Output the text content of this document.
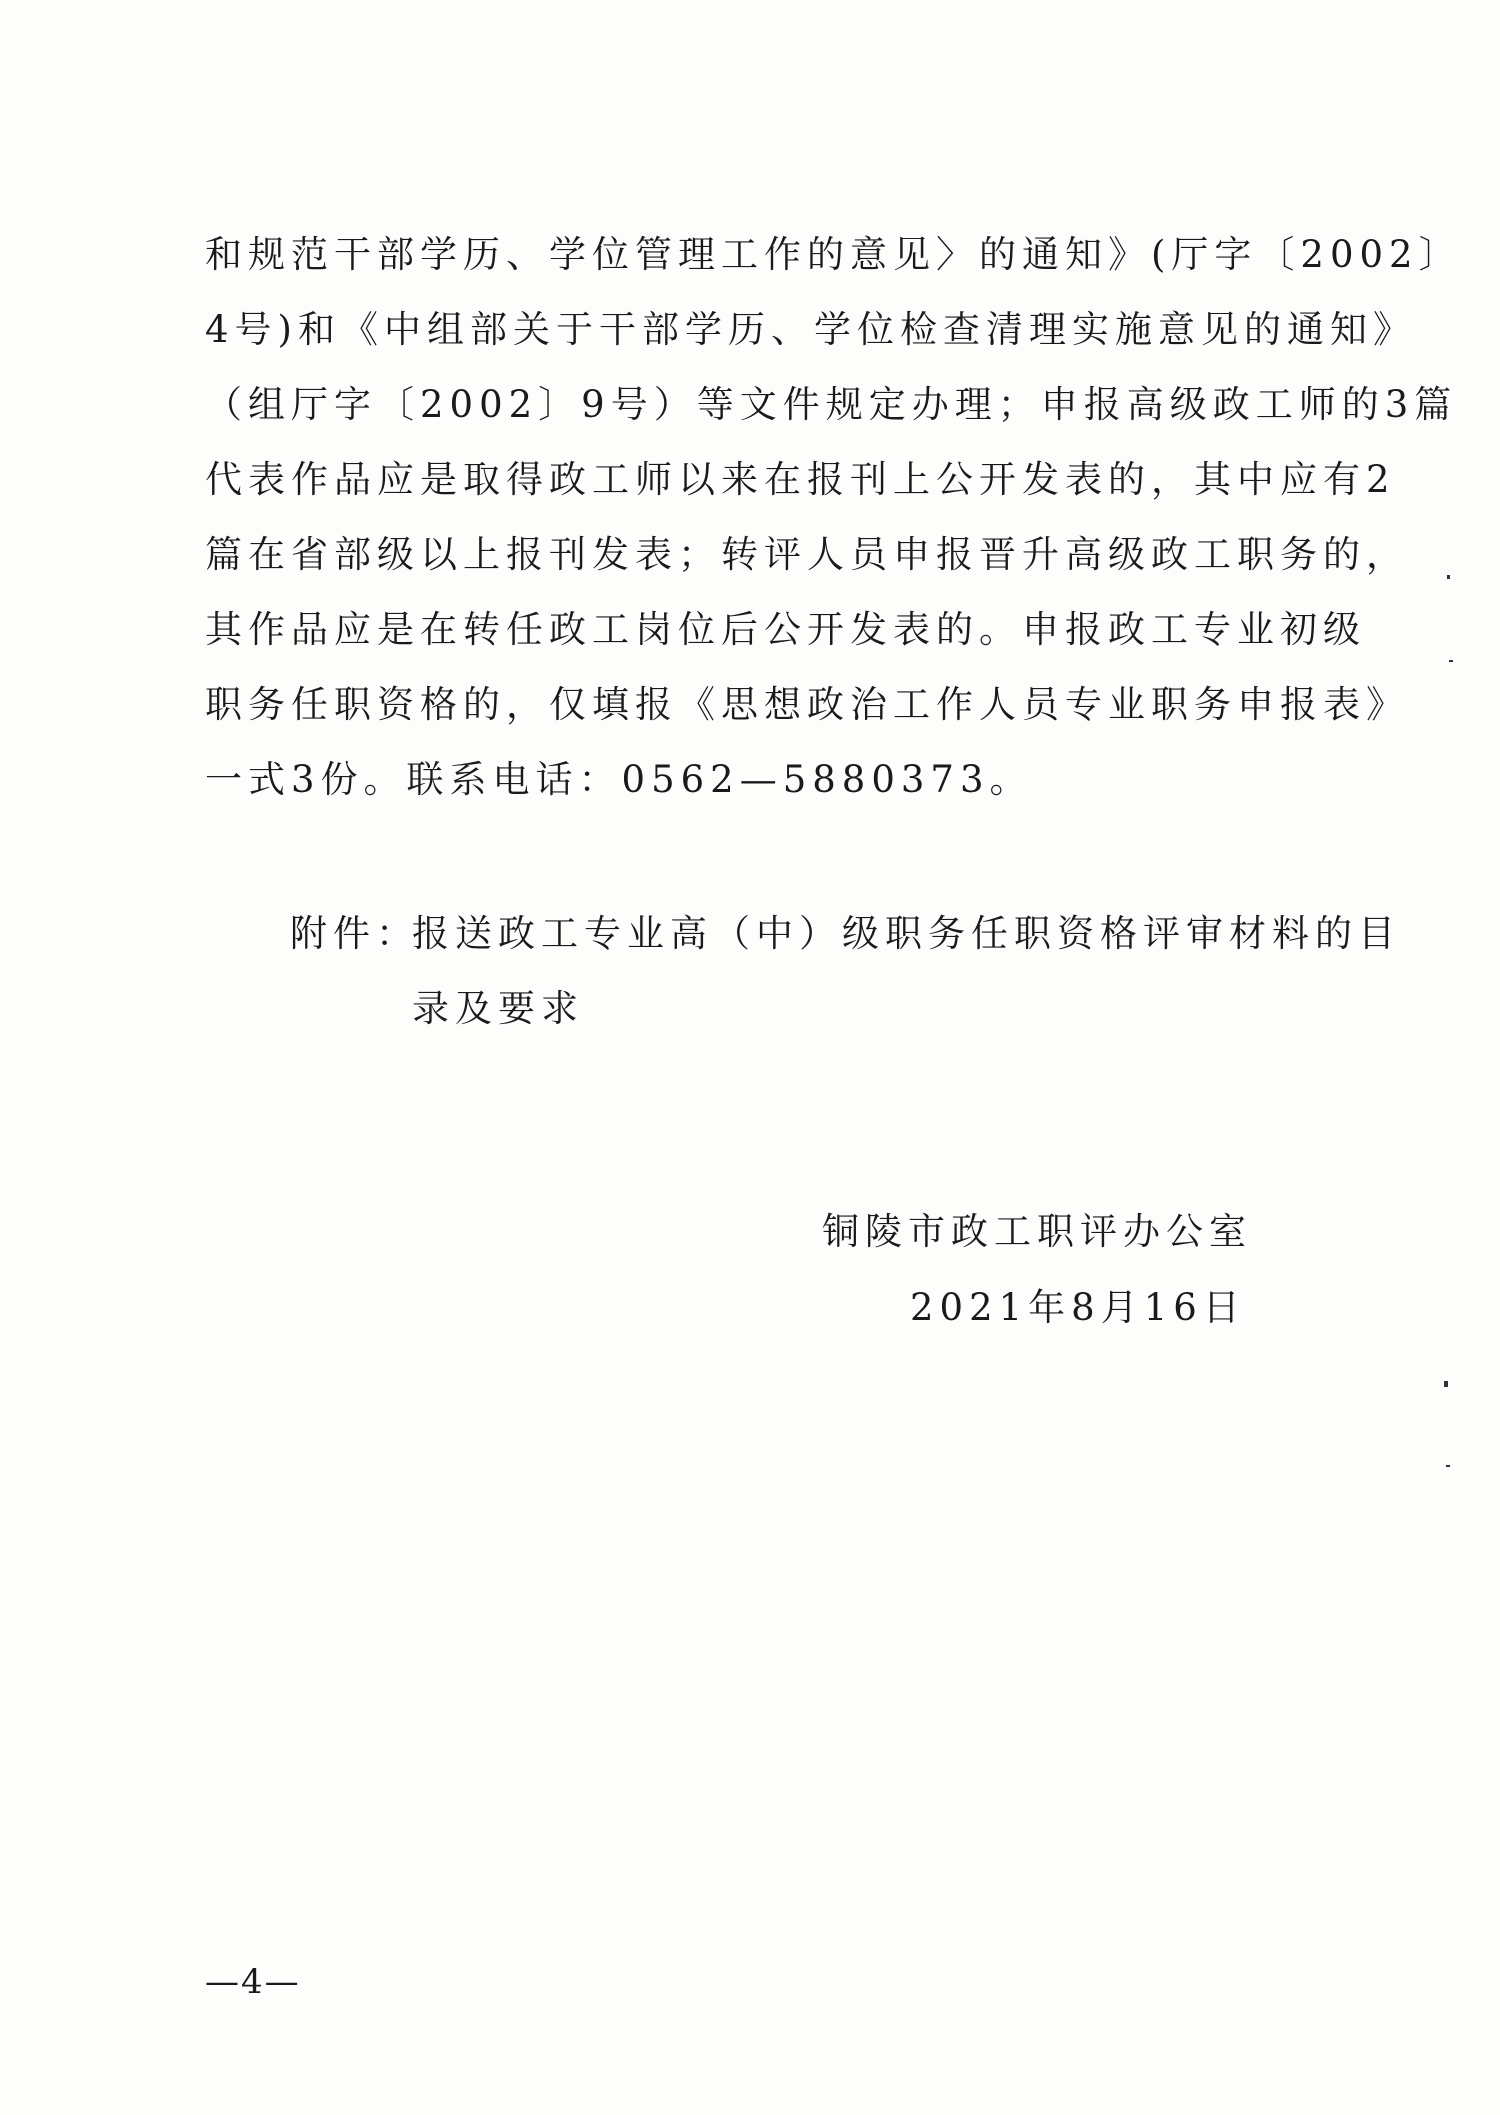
和规范干部学历、学位管理工作的意见〉的通知》(厅字〔2002〕
4号)和《中组部关于干部学历、学位检查清理实施意见的通知》
（组厅字〔2002〕9号）等文件规定办理；申报高级政工师的3篇
代表作品应是取得政工师以来在报刊上公开发表的，其中应有2
篇在省部级以上报刊发表；转评人员申报晋升高级政工职务的，
其作品应是在转任政工岗位后公开发表的。申报政工专业初级
职务任职资格的，仅填报《思想政治工作人员专业职务申报表》
一式3份。联系电话：0562—5880373。
附件：
报送政工专业高（中）级职务任职资格评审材料的目
录及要求
铜陵市政工职评办公室
2021年8月16日
—4—
